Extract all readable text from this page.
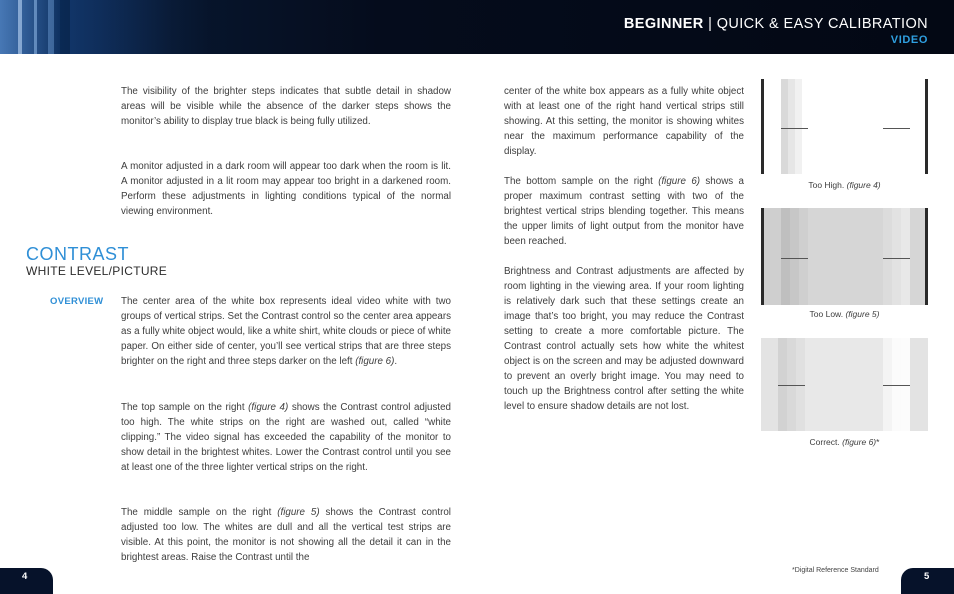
BEGINNER | QUICK & EASY CALIBRATION
VIDEO
The visibility of the brighter steps indicates that subtle detail in shadow areas will be visible while the absence of the darker steps shows the monitor’s ability to display true black is being fully utilized.
A monitor adjusted in a dark room will appear too dark when the room is lit. A monitor adjusted in a lit room may appear too bright in a darkened room. Perform these adjustments in lighting conditions typical of the normal viewing environment.
CONTRAST
WHITE LEVEL/PICTURE
OVERVIEW The center area of the white box represents ideal video white with two groups of vertical strips. Set the Contrast control so the center area appears as a fully white object would, like a white shirt, white clouds or piece of white paper. On either side of center, you’ll see vertical strips that are three steps brighter on the right and three steps darker on the left (figure 6).
The top sample on the right (figure 4) shows the Contrast control adjusted too high. The white strips on the right are washed out, called “white clipping.” The video signal has exceeded the capability of the monitor to show detail in the brightest whites. Lower the Contrast control until you see at least one of the three lighter vertical strips on the right.
The middle sample on the right (figure 5) shows the Contrast control adjusted too low. The whites are dull and all the vertical test strips are visible. At this point, the monitor is not showing all the detail it can in the brightest areas. Raise the Contrast until the
center of the white box appears as a fully white object with at least one of the right hand vertical strips still showing. At this setting, the monitor is showing whites near the maximum performance capability of the display.
The bottom sample on the right (figure 6) shows a proper maximum contrast setting with two of the brightest vertical strips blending together. This means the upper limits of light output from the monitor have been reached.
Brightness and Contrast adjustments are affected by room lighting in the viewing area. If your room lighting is relatively dark such that these settings create an image that’s too bright, you may reduce the Contrast setting to create a more comfortable picture. The Contrast control actually sets how white the whitest object is on the screen and may be adjusted downward to prevent an overly bright image. You may need to touch up the Brightness control after setting the white level to ensure shadow details are not lost.
Too High. (figure 4)
Too Low. (figure 5)
Correct. (figure 6)*
4
*Digital Reference Standard
5
